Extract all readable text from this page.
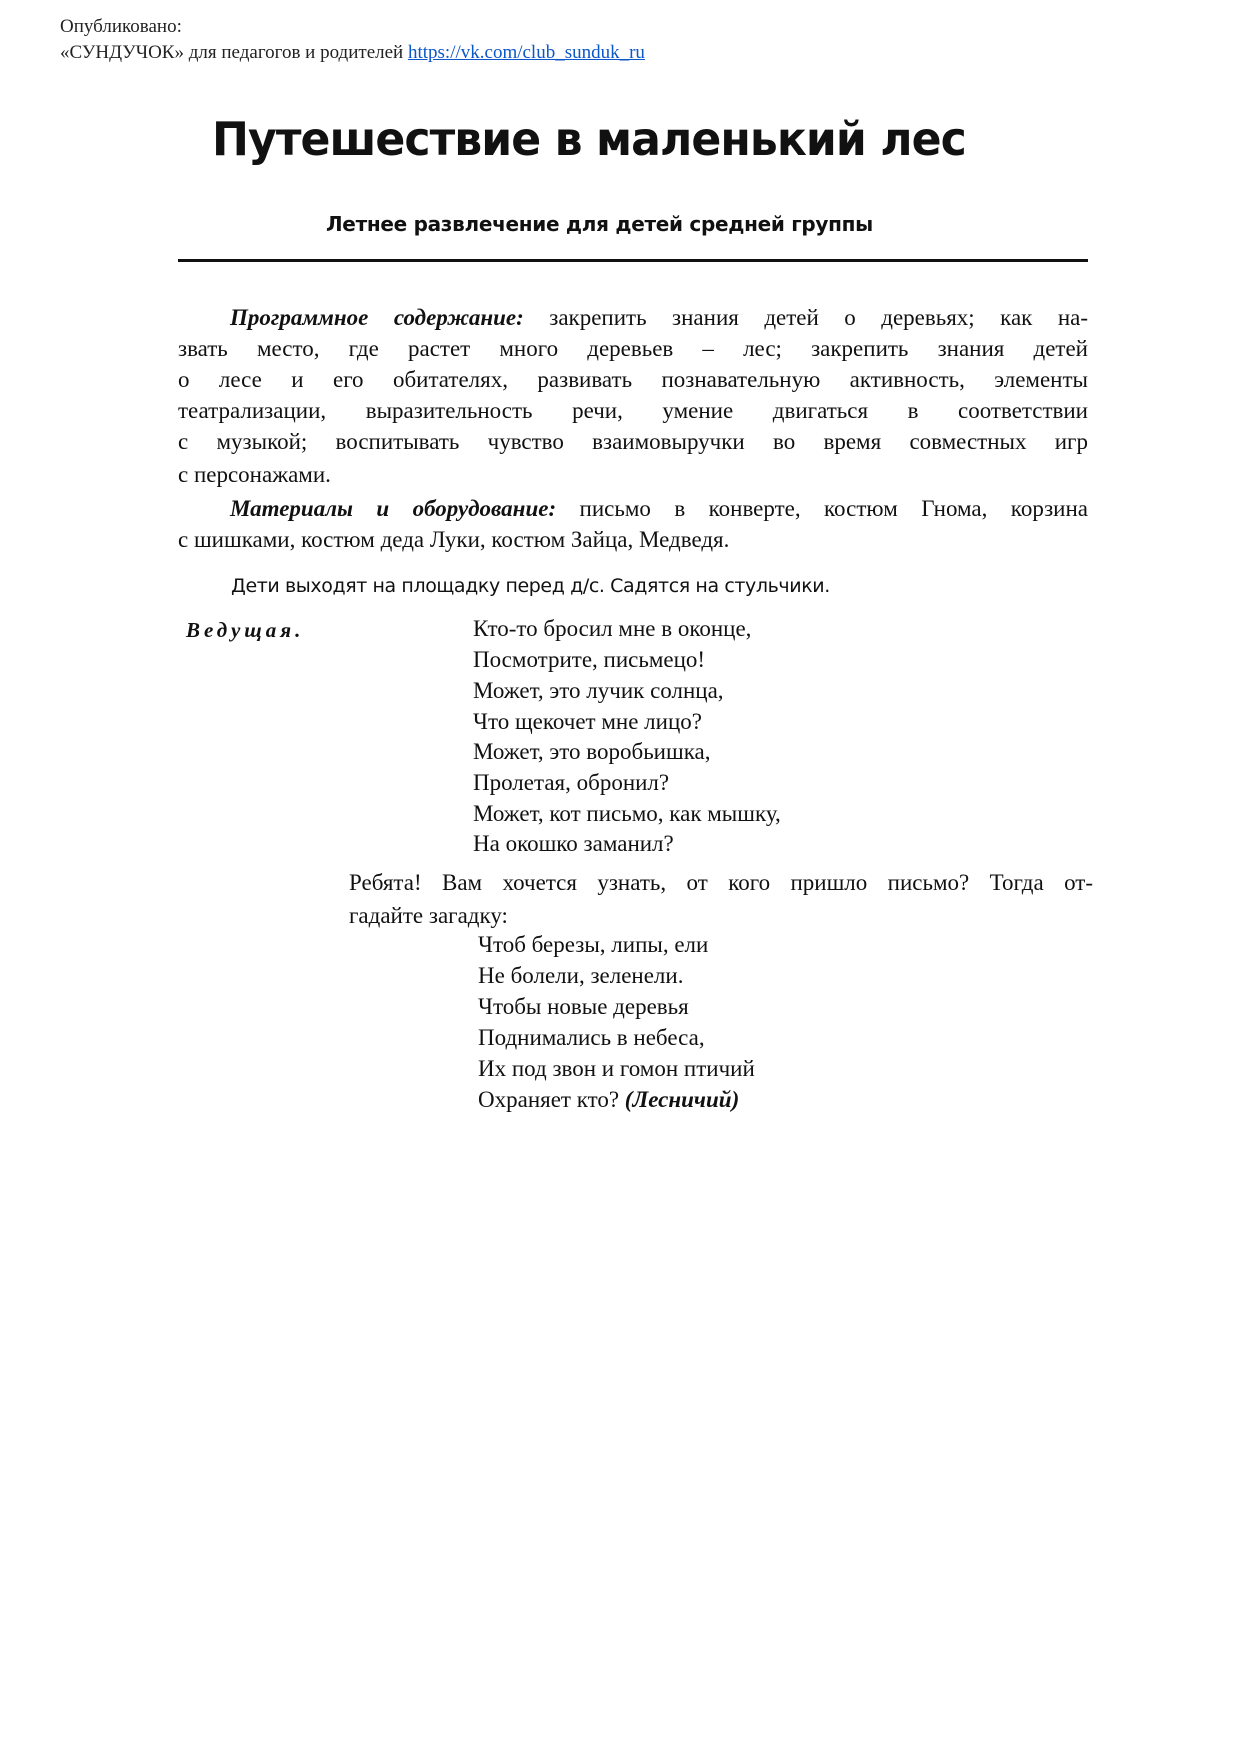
Опубликовано:
«СУНДУЧОК» для педагогов и родителей https://vk.com/club_sunduk_ru
Путешествие в маленький лес
Летнее развлечение для детей средней группы
Программное содержание: закрепить знания детей о деревьях; как на-
звать место, где растет много деревьев – лес; закрепить знания детей
о лесе и его обитателях, развивать познавательную активность, элементы
театрализации, выразительность речи, умение двигаться в соответствии
с музыкой; воспитывать чувство взаимовыручки во время совместных игр
с персонажами.
Материалы и оборудование: письмо в конверте, костюм Гнома, корзина
с шишками, костюм деда Луки, костюм Зайца, Медведя.
Дети выходят на площадку перед д/с. Садятся на стульчики.
Ведущая.	Кто-то бросил мне в оконце,
Посмотрите, письмецо!
Может, это лучик солнца,
Что щекочет мне лицо?
Может, это воробьишка,
Пролетая, обронил?
Может, кот письмо, как мышку,
На окошко заманил?
Ребята! Вам хочется узнать, от кого пришло письмо? Тогда от-
гадайте загадку:
Чтоб березы, липы, ели
Не болели, зеленели.
Чтобы новые деревья
Поднимались в небеса,
Их под звон и гомон птичий
Охраняет кто? (Лесничий)
